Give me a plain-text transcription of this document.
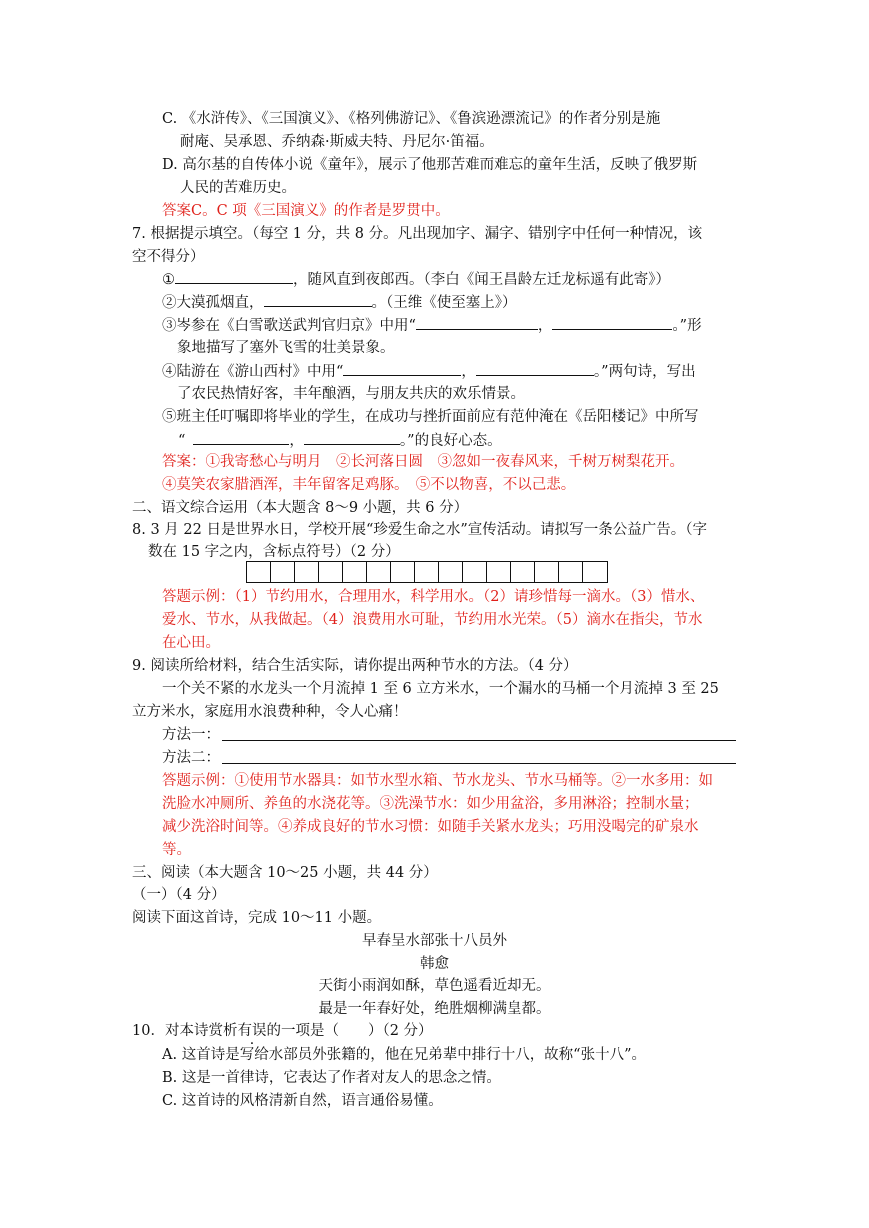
C. 《水浒传》、《三国演义》、《格列佛游记》、《鲁滨逊漂流记》的作者分别是施
耐庵、吴承恩、乔纳森·斯威夫特、丹尼尔·笛福。
D. 高尔基的自传体小说《童年》，展示了他那苦难而难忘的童年生活，反映了俄罗斯
人民的苦难历史。
答案C。C 项《三国演义》的作者是罗贯中。
7. 根据提示填空。（每空 1 分，共 8 分。凡出现加字、漏字、错别字中任何一种情况，该
空不得分）
①	，随风直到夜郎西。（李白《闻王昌龄左迁龙标遥有此寄》）
②大漠孤烟直，	。（王维《使至塞上》）
③岑参在《白雪歌送武判官归京》中用“	，	。”形
象地描写了塞外飞雪的壮美景象。
④陆游在《游山西村》中用“	，	。”两句诗，写出
了农民热情好客，丰年酿酒，与朋友共庆的欢乐情景。
⑤班主任叮嘱即将毕业的学生，在成功与挫折面前应有范仲淹在《岳阳楼记》中所写
“	，	。”的良好心态。
答案：①我寄愁心与明月　②长河落日圆　③忽如一夜春风来，千树万树梨花开。
④莫笑农家腊酒浑，丰年留客足鸡豚。　⑤不以物喜，不以己悲。
二、语文综合运用（本大题含 8～9 小题，共 6 分）
8. 3 月 22 日是世界水日，学校开展“珍爱生命之水”宣传活动。请拟写一条公益广告。（字
数在 15 字之内，含标点符号）（2 分）
答题示例：（1）节约用水，合理用水，科学用水。（2）请珍惜每一滴水。（3）惜水、
爱水、节水，从我做起。（4）浪费用水可耻，节约用水光荣。（5）滴水在指尖，节水
在心田。
9. 阅读所给材料，结合生活实际，请你提出两种节水的方法。（4 分）
一个关不紧的水龙头一个月流掉 1 至 6 立方米水，一个漏水的马桶一个月流掉 3 至 25
立方米水，家庭用水浪费种种，令人心痛！
方法一：
方法二：
答题示例：①使用节水器具：如节水型水箱、节水龙头、节水马桶等。②一水多用：如
洗脸水冲厕所、养鱼的水浇花等。③洗澡节水：如少用盆浴，多用淋浴；控制水量；
减少洗浴时间等。④养成良好的节水习惯：如随手关紧水龙头；巧用没喝完的矿泉水
等。
三、阅读（本大题含 10～25 小题，共 44 分）
（一）（4 分）
阅读下面这首诗，完成 10～11 小题。
早春呈水部张十八员外
韩愈
天街小雨润如酥，草色遥看近却无。
最是一年春好处，绝胜烟柳满皇都。
10．对本诗赏析有误的一项是（　　）（2 分）
A. 这首诗是写给水部员外张籍的，他在兄弟辈中排行十八，故称“张十八”。
B. 这是一首律诗，它表达了作者对友人的思念之情。
C. 这首诗的风格清新自然，语言通俗易懂。
